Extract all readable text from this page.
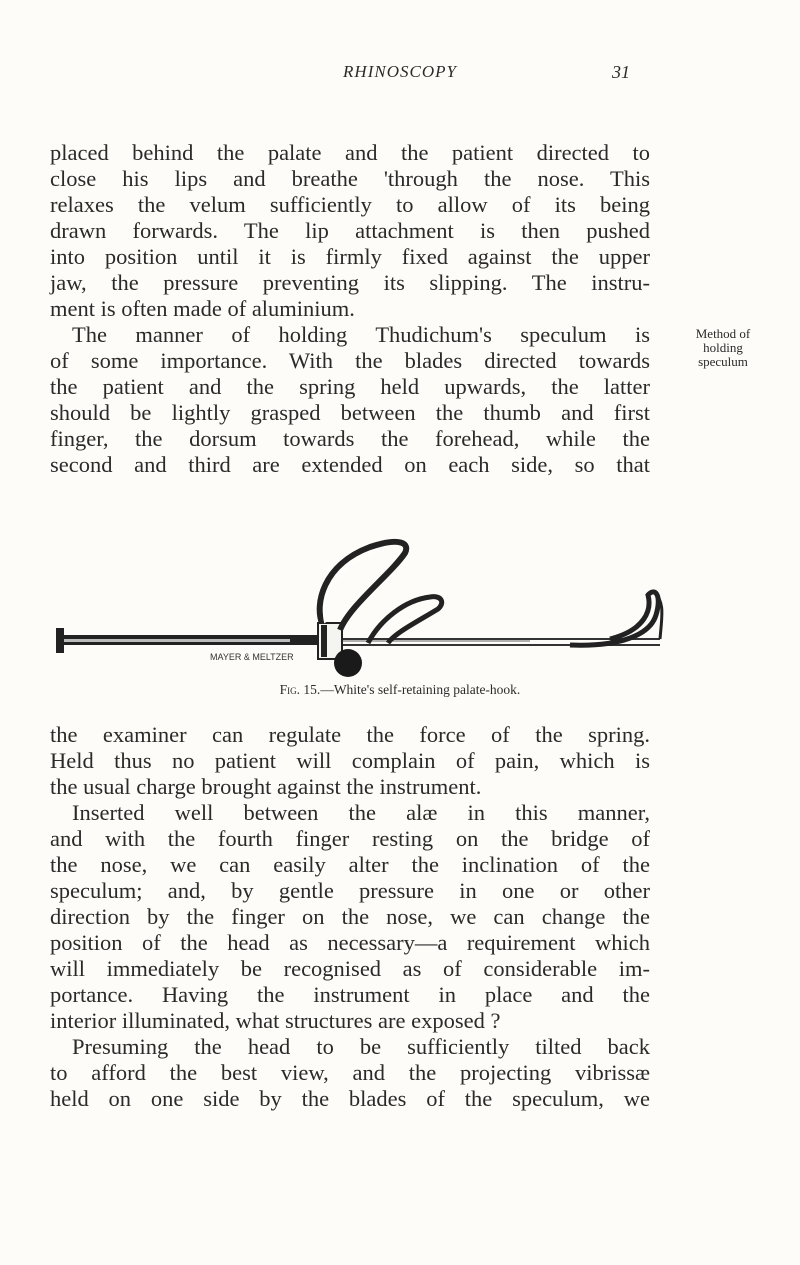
RHINOSCOPY	31
placed behind the palate and the patient directed to
close his lips and breathe 'through the nose. This
relaxes the velum sufficiently to allow of its being
drawn forwards. The lip attachment is then pushed
into position until it is firmly fixed against the upper
jaw, the pressure preventing its slipping. The instru-
ment is often made of aluminium.
The manner of holding Thudichum's speculum is
of some importance. With the blades directed towards
the patient and the spring held upwards, the latter
should be lightly grasped between the thumb and first
finger, the dorsum towards the forehead, while the
second and third are extended on each side, so that
Method of
holding
speculum
MAYER & MELTZER
Fig. 15.—White's self-retaining palate-hook.
the examiner can regulate the force of the spring.
Held thus no patient will complain of pain, which is
the usual charge brought against the instrument.
Inserted well between the alæ in this manner,
and with the fourth finger resting on the bridge of
the nose, we can easily alter the inclination of the
speculum; and, by gentle pressure in one or other
direction by the finger on the nose, we can change the
position of the head as necessary—a requirement which
will immediately be recognised as of considerable im-
portance. Having the instrument in place and the
interior illuminated, what structures are exposed ?
Presuming the head to be sufficiently tilted back
to afford the best view, and the projecting vibrissæ
held on one side by the blades of the speculum, we
